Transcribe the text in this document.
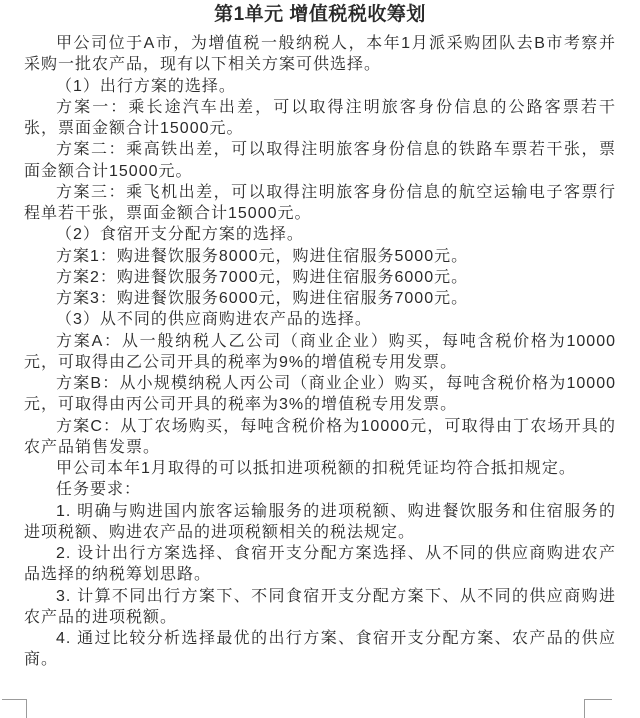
第1单元 增值税税收筹划

甲公司位于A市，为增值税一般纳税人，本年1月派采购团队去B市考察并采购一批农产品，现有以下相关方案可供选择。

（1）出行方案的选择。

方案一：乘长途汽车出差，可以取得注明旅客身份信息的公路客票若干张，票面金额合计15000元。

方案二：乘高铁出差，可以取得注明旅客身份信息的铁路车票若干张，票面金额合计15000元。

方案三：乘飞机出差，可以取得注明旅客身份信息的航空运输电子客票行程单若干张，票面金额合计15000元。

（2）食宿开支分配方案的选择。

方案1：购进餐饮服务8000元，购进住宿服务5000元。

方案2：购进餐饮服务7000元，购进住宿服务6000元。

方案3：购进餐饮服务6000元，购进住宿服务7000元。

（3）从不同的供应商购进农产品的选择。

方案A：从一般纳税人乙公司（商业企业）购买，每吨含税价格为10000元，可取得由乙公司开具的税率为9%的增值税专用发票。

方案B：从小规模纳税人丙公司（商业企业）购买，每吨含税价格为10000元，可取得由丙公司开具的税率为3%的增值税专用发票。

方案C：从丁农场购买，每吨含税价格为10000元，可取得由丁农场开具的农产品销售发票。

甲公司本年1月取得的可以抵扣进项税额的扣税凭证均符合抵扣规定。

任务要求：

1. 明确与购进国内旅客运输服务的进项税额、购进餐饮服务和住宿服务的进项税额、购进农产品的进项税额相关的税法规定。

2. 设计出行方案选择、食宿开支分配方案选择、从不同的供应商购进农产品选择的纳税筹划思路。

3. 计算不同出行方案下、不同食宿开支分配方案下、从不同的供应商购进农产品的进项税额。

4. 通过比较分析选择最优的出行方案、食宿开支分配方案、农产品的供应商。
